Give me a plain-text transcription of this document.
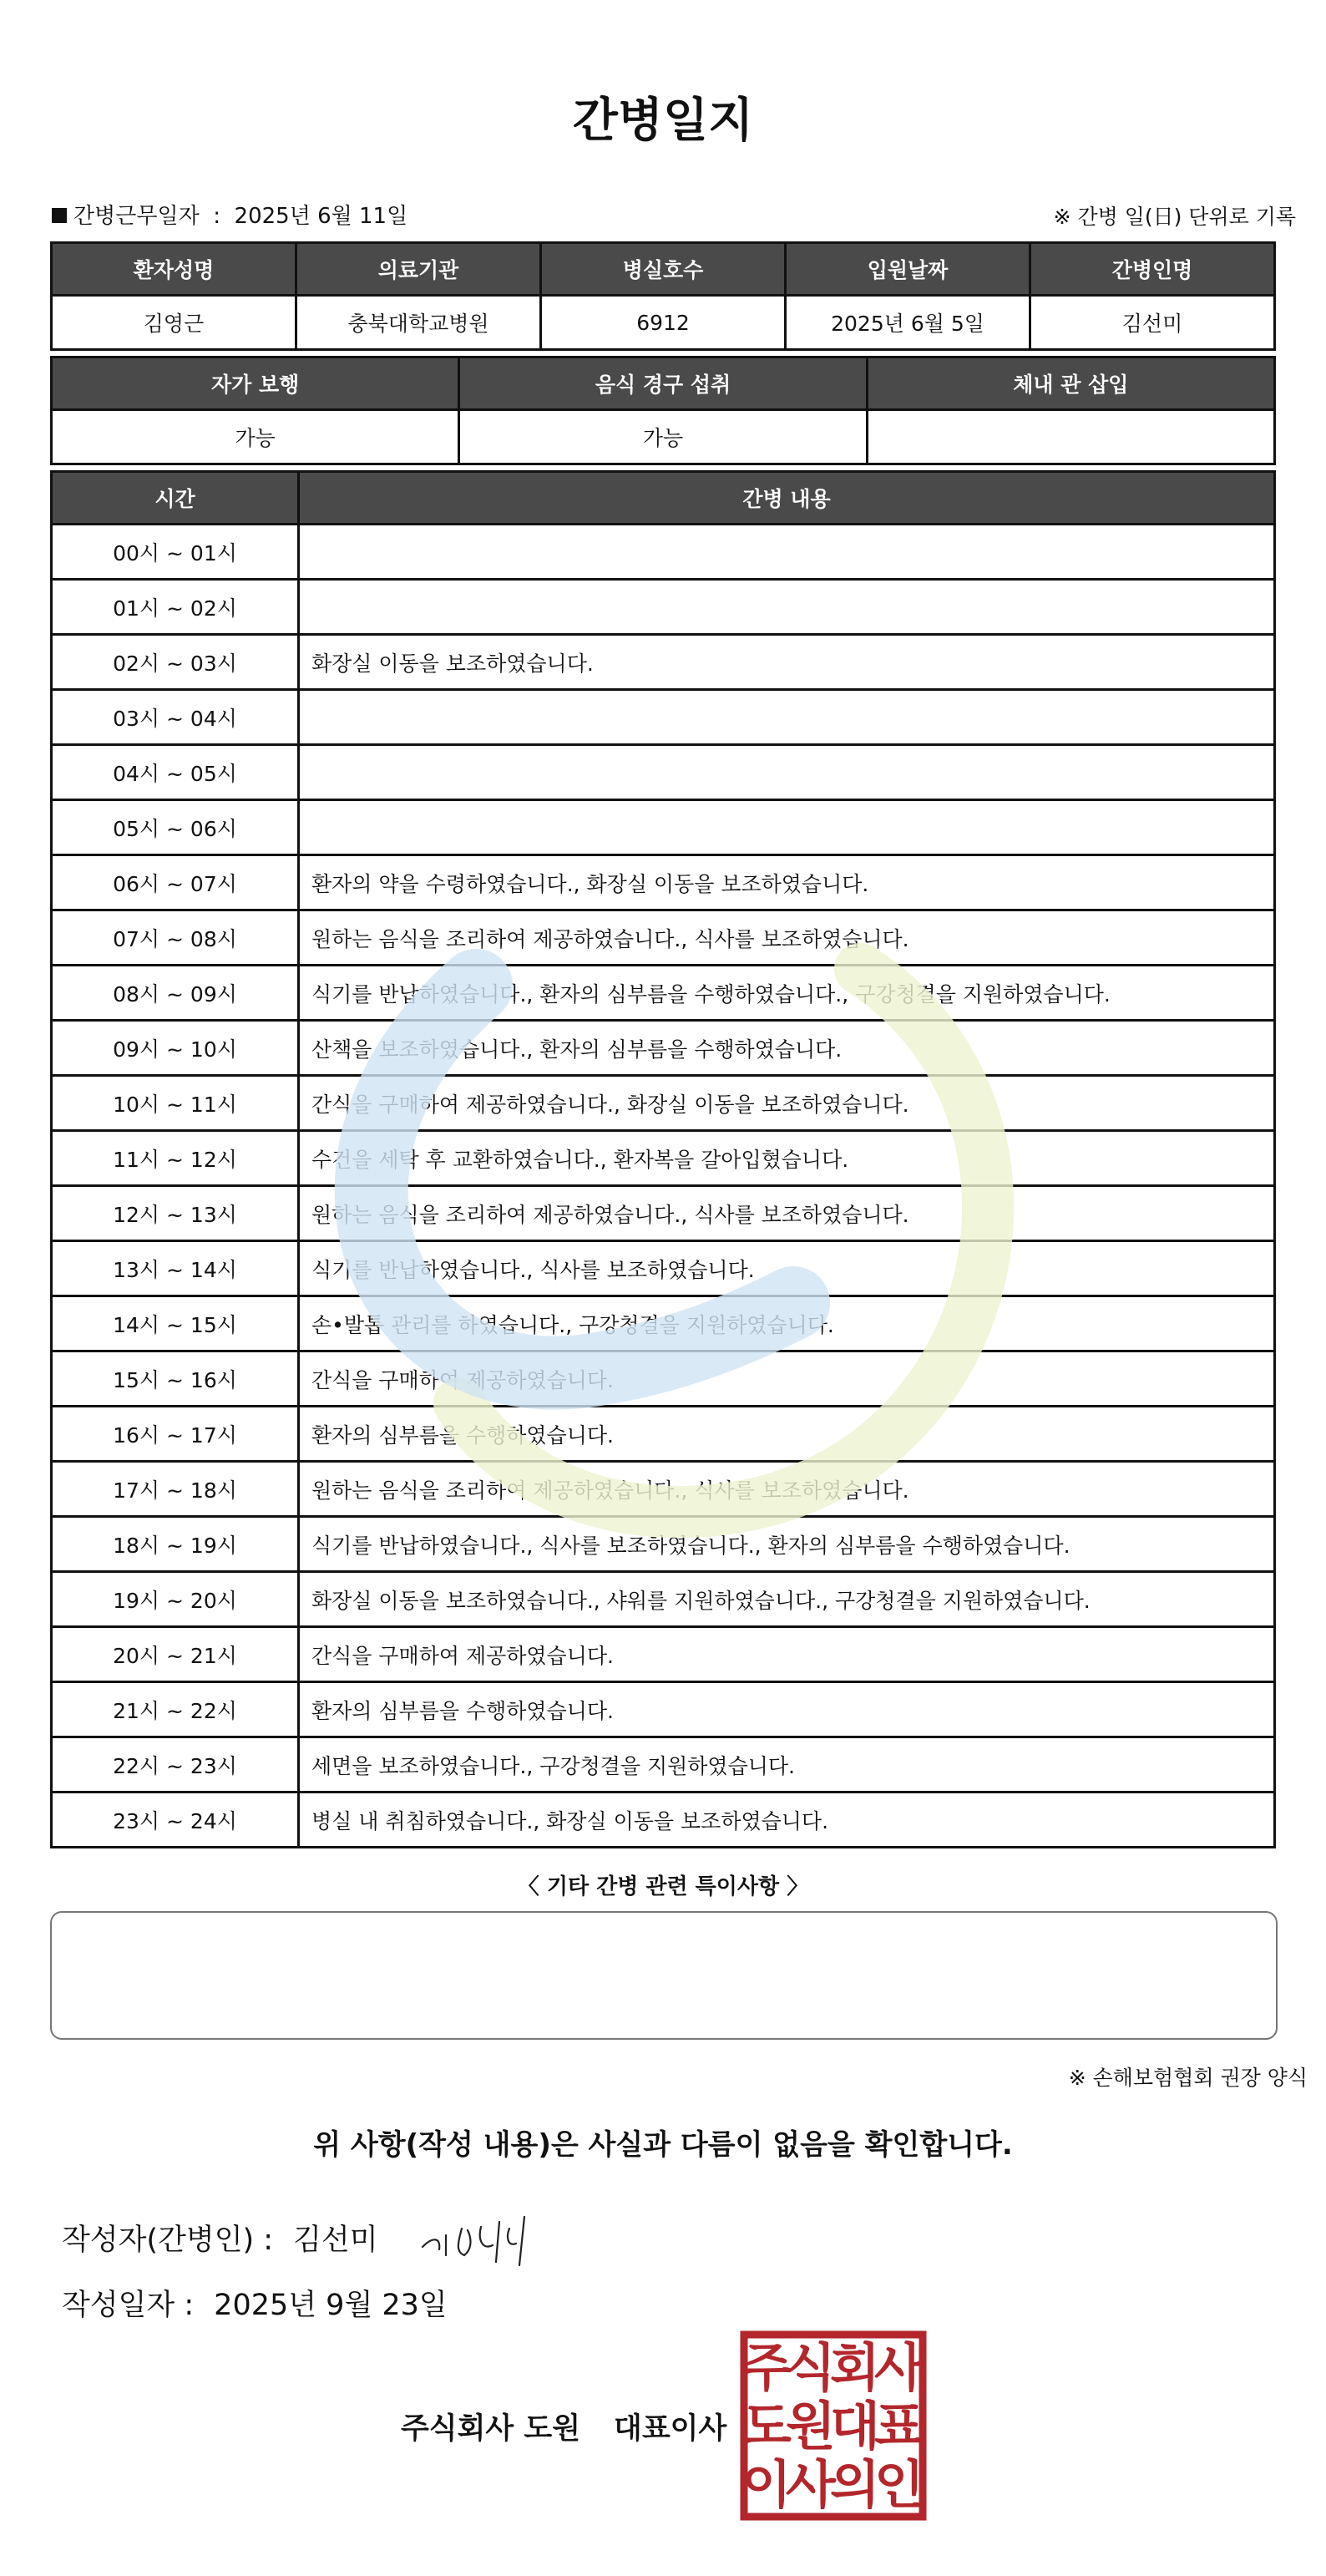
간병일지
간병근무일자 : 2025년 6월 11일	※ 간병 일(日) 단위로 기록
환자성명	의료기관	병실호수	입원날짜	간병인명
김영근	충북대학교병원	6912	2025년 6월 5일	김선미
자가 보행	음식 경구 섭취	체내 관 삽입
가능	가능	
시간	간병 내용
00시 ~ 01시	
01시 ~ 02시	
02시 ~ 03시	화장실 이동을 보조하였습니다.
03시 ~ 04시	
04시 ~ 05시	
05시 ~ 06시	
06시 ~ 07시	환자의 약을 수령하였습니다., 화장실 이동을 보조하였습니다.
07시 ~ 08시	원하는 음식을 조리하여 제공하였습니다., 식사를 보조하였습니다.
08시 ~ 09시	식기를 반납하였습니다., 환자의 심부름을 수행하였습니다., 구강청결을 지원하였습니다.
09시 ~ 10시	산책을 보조하였습니다., 환자의 심부름을 수행하였습니다.
10시 ~ 11시	간식을 구매하여 제공하였습니다., 화장실 이동을 보조하였습니다.
11시 ~ 12시	수건을 세탁 후 교환하였습니다., 환자복을 갈아입혔습니다.
12시 ~ 13시	원하는 음식을 조리하여 제공하였습니다., 식사를 보조하였습니다.
13시 ~ 14시	식기를 반납하였습니다., 식사를 보조하였습니다.
14시 ~ 15시	손•발톱 관리를 하였습니다., 구강청결을 지원하였습니다.
15시 ~ 16시	간식을 구매하여 제공하였습니다.
16시 ~ 17시	환자의 심부름을 수행하였습니다.
17시 ~ 18시	원하는 음식을 조리하여 제공하였습니다., 식사를 보조하였습니다.
18시 ~ 19시	식기를 반납하였습니다., 식사를 보조하였습니다., 환자의 심부름을 수행하였습니다.
19시 ~ 20시	화장실 이동을 보조하였습니다., 샤워를 지원하였습니다., 구강청결을 지원하였습니다.
20시 ~ 21시	간식을 구매하여 제공하였습니다.
21시 ~ 22시	환자의 심부름을 수행하였습니다.
22시 ~ 23시	세면을 보조하였습니다., 구강청결을 지원하였습니다.
23시 ~ 24시	병실 내 취침하였습니다., 화장실 이동을 보조하였습니다.
〈 기타 간병 관련 특이사항 〉
※ 손해보험협회 권장 양식
위 사항(작성 내용)은 사실과 다름이 없음을 확인합니다.
작성자(간병인) : 김선미
작성일자 : 2025년 9월 23일
주식회사 도원 대표이사
주
식
회
사
도
원
대
표
이
사
의
인
